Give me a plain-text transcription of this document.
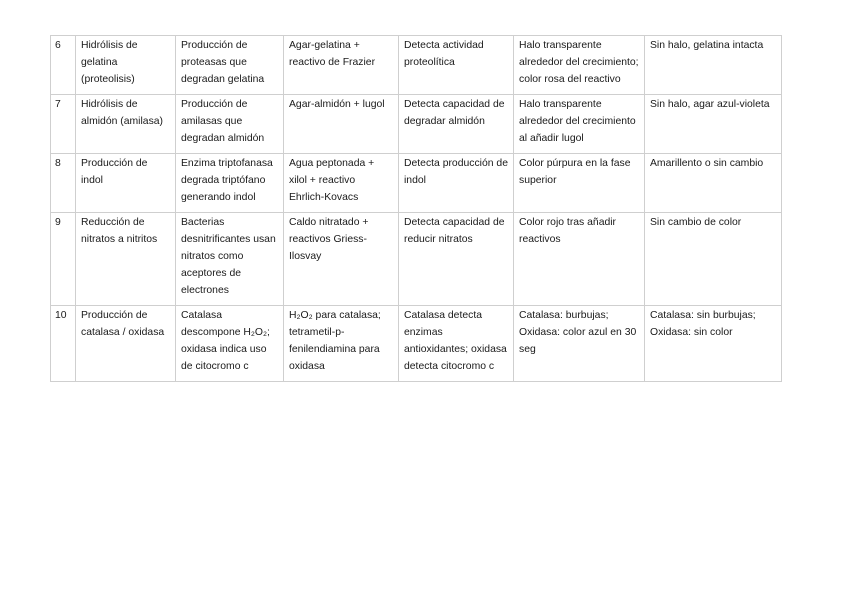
6	Hidrólisis de gelatina (proteolisis)	Producción de proteasas que degradan gelatina	Agar-gelatina + reactivo de Frazier	Detecta actividad proteolítica	Halo transparente alrededor del crecimiento; color rosa del reactivo	Sin halo, gelatina intacta
7	Hidrólisis de almidón (amilasa)	Producción de amilasas que degradan almidón	Agar-almidón + lugol	Detecta capacidad de degradar almidón	Halo transparente alrededor del crecimiento al añadir lugol	Sin halo, agar azul-violeta
8	Producción de indol	Enzima triptofanasa degrada triptófano generando indol	Agua peptonada + xilol + reactivo Ehrlich-Kovacs	Detecta producción de indol	Color púrpura en la fase superior	Amarillento o sin cambio
9	Reducción de nitratos a nitritos	Bacterias desnitrificantes usan nitratos como aceptores de electrones	Caldo nitratado + reactivos Griess-Ilosvay	Detecta capacidad de reducir nitratos	Color rojo tras añadir reactivos	Sin cambio de color
10	Producción de catalasa / oxidasa	Catalasa descompone H₂O₂; oxidasa indica uso de citocromo c	H₂O₂ para catalasa; tetrametil-p-fenilendiamina para oxidasa	Catalasa detecta enzimas antioxidantes; oxidasa detecta citocromo c	Catalasa: burbujas; Oxidasa: color azul en 30 seg	Catalasa: sin burbujas; Oxidasa: sin color
